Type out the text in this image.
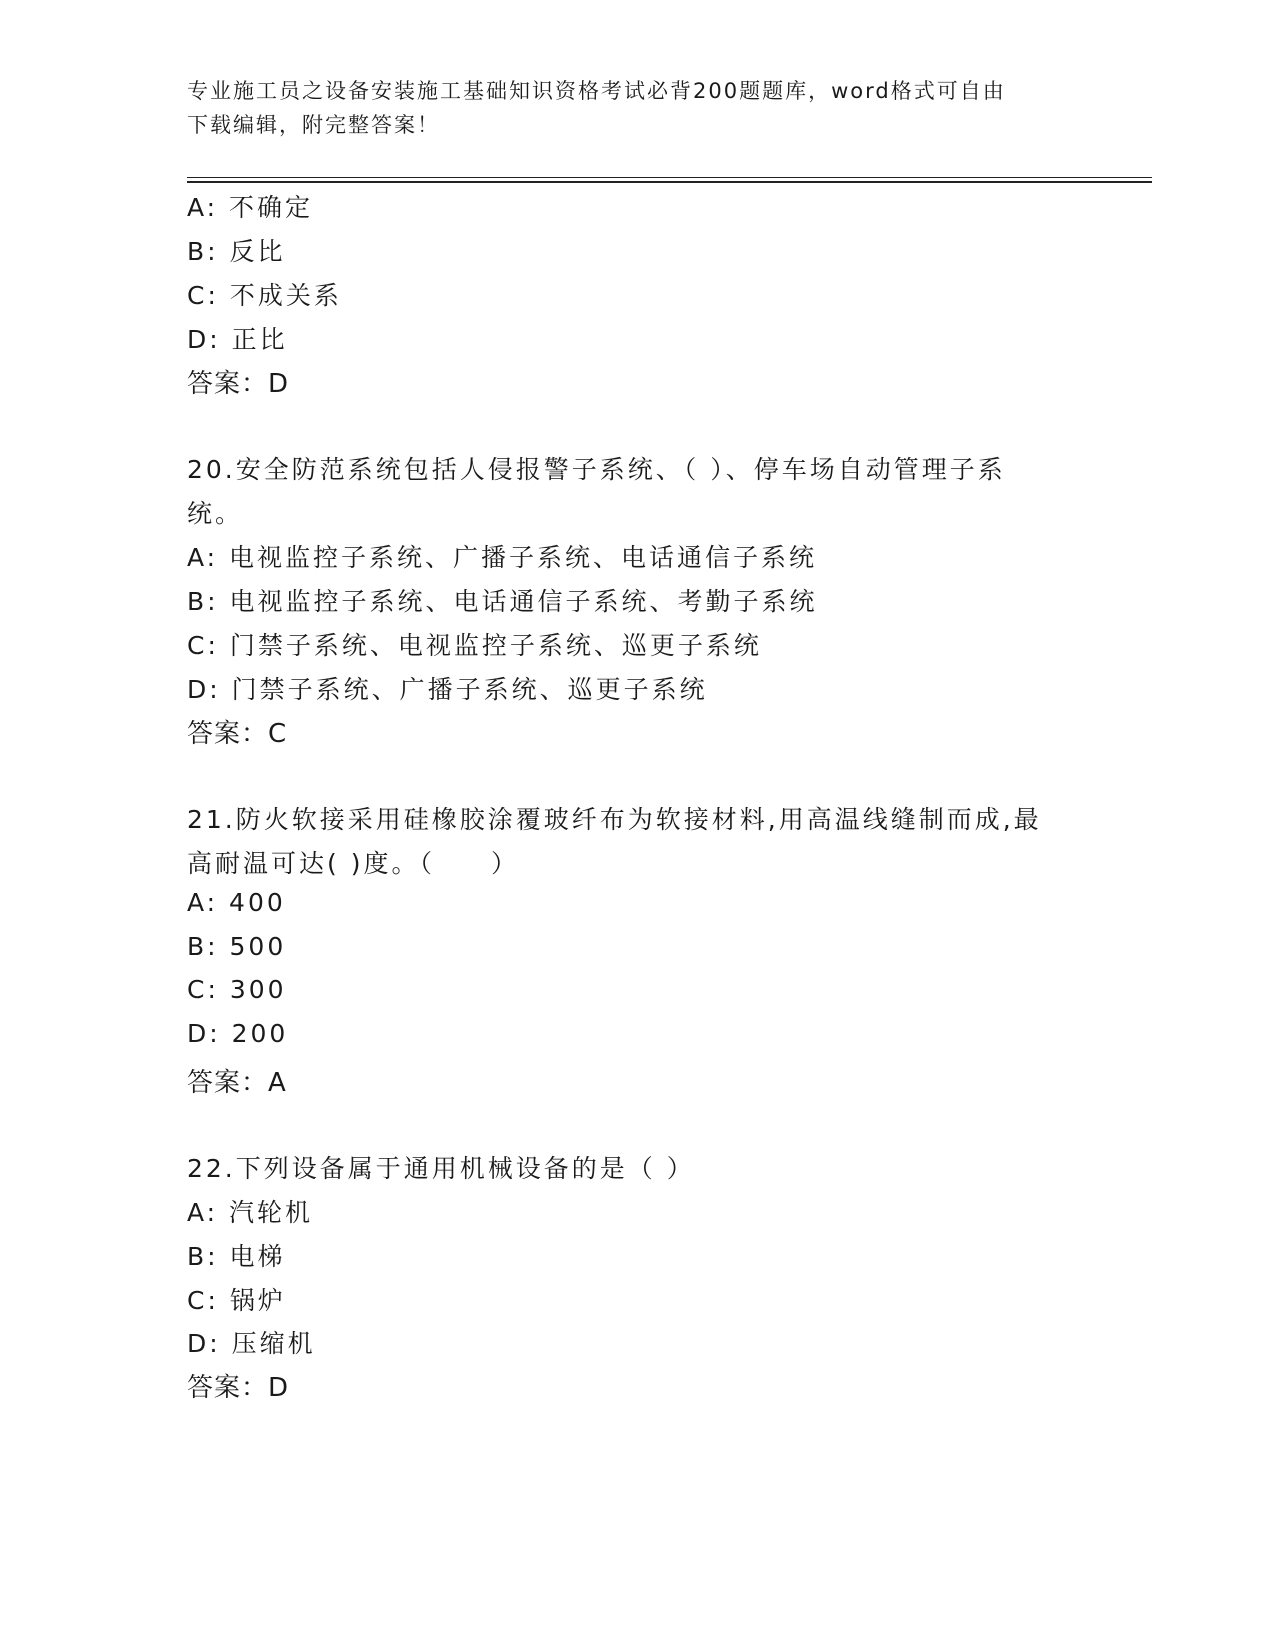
专业施工员之设备安装施工基础知识资格考试必背200题题库，word格式可自由
下载编辑，附完整答案！
A: 不确定
B: 反比
C: 不成关系
D: 正比
答案：D
20.安全防范系统包括人侵报警子系统、（ ）、停车场自动管理子系
统。
A: 电视监控子系统、广播子系统、电话通信子系统
B: 电视监控子系统、电话通信子系统、考勤子系统
C: 门禁子系统、电视监控子系统、巡更子系统
D: 门禁子系统、广播子系统、巡更子系统
答案：C
21.防火软接采用硅橡胶涂覆玻纤布为软接材料,用高温线缝制而成,最
高耐温可达( )度。（　　）
A: 400
B: 500
C: 300
D: 200
答案：A
22.下列设备属于通用机械设备的是（ ）
A: 汽轮机
B: 电梯
C: 锅炉
D: 压缩机
答案：D
